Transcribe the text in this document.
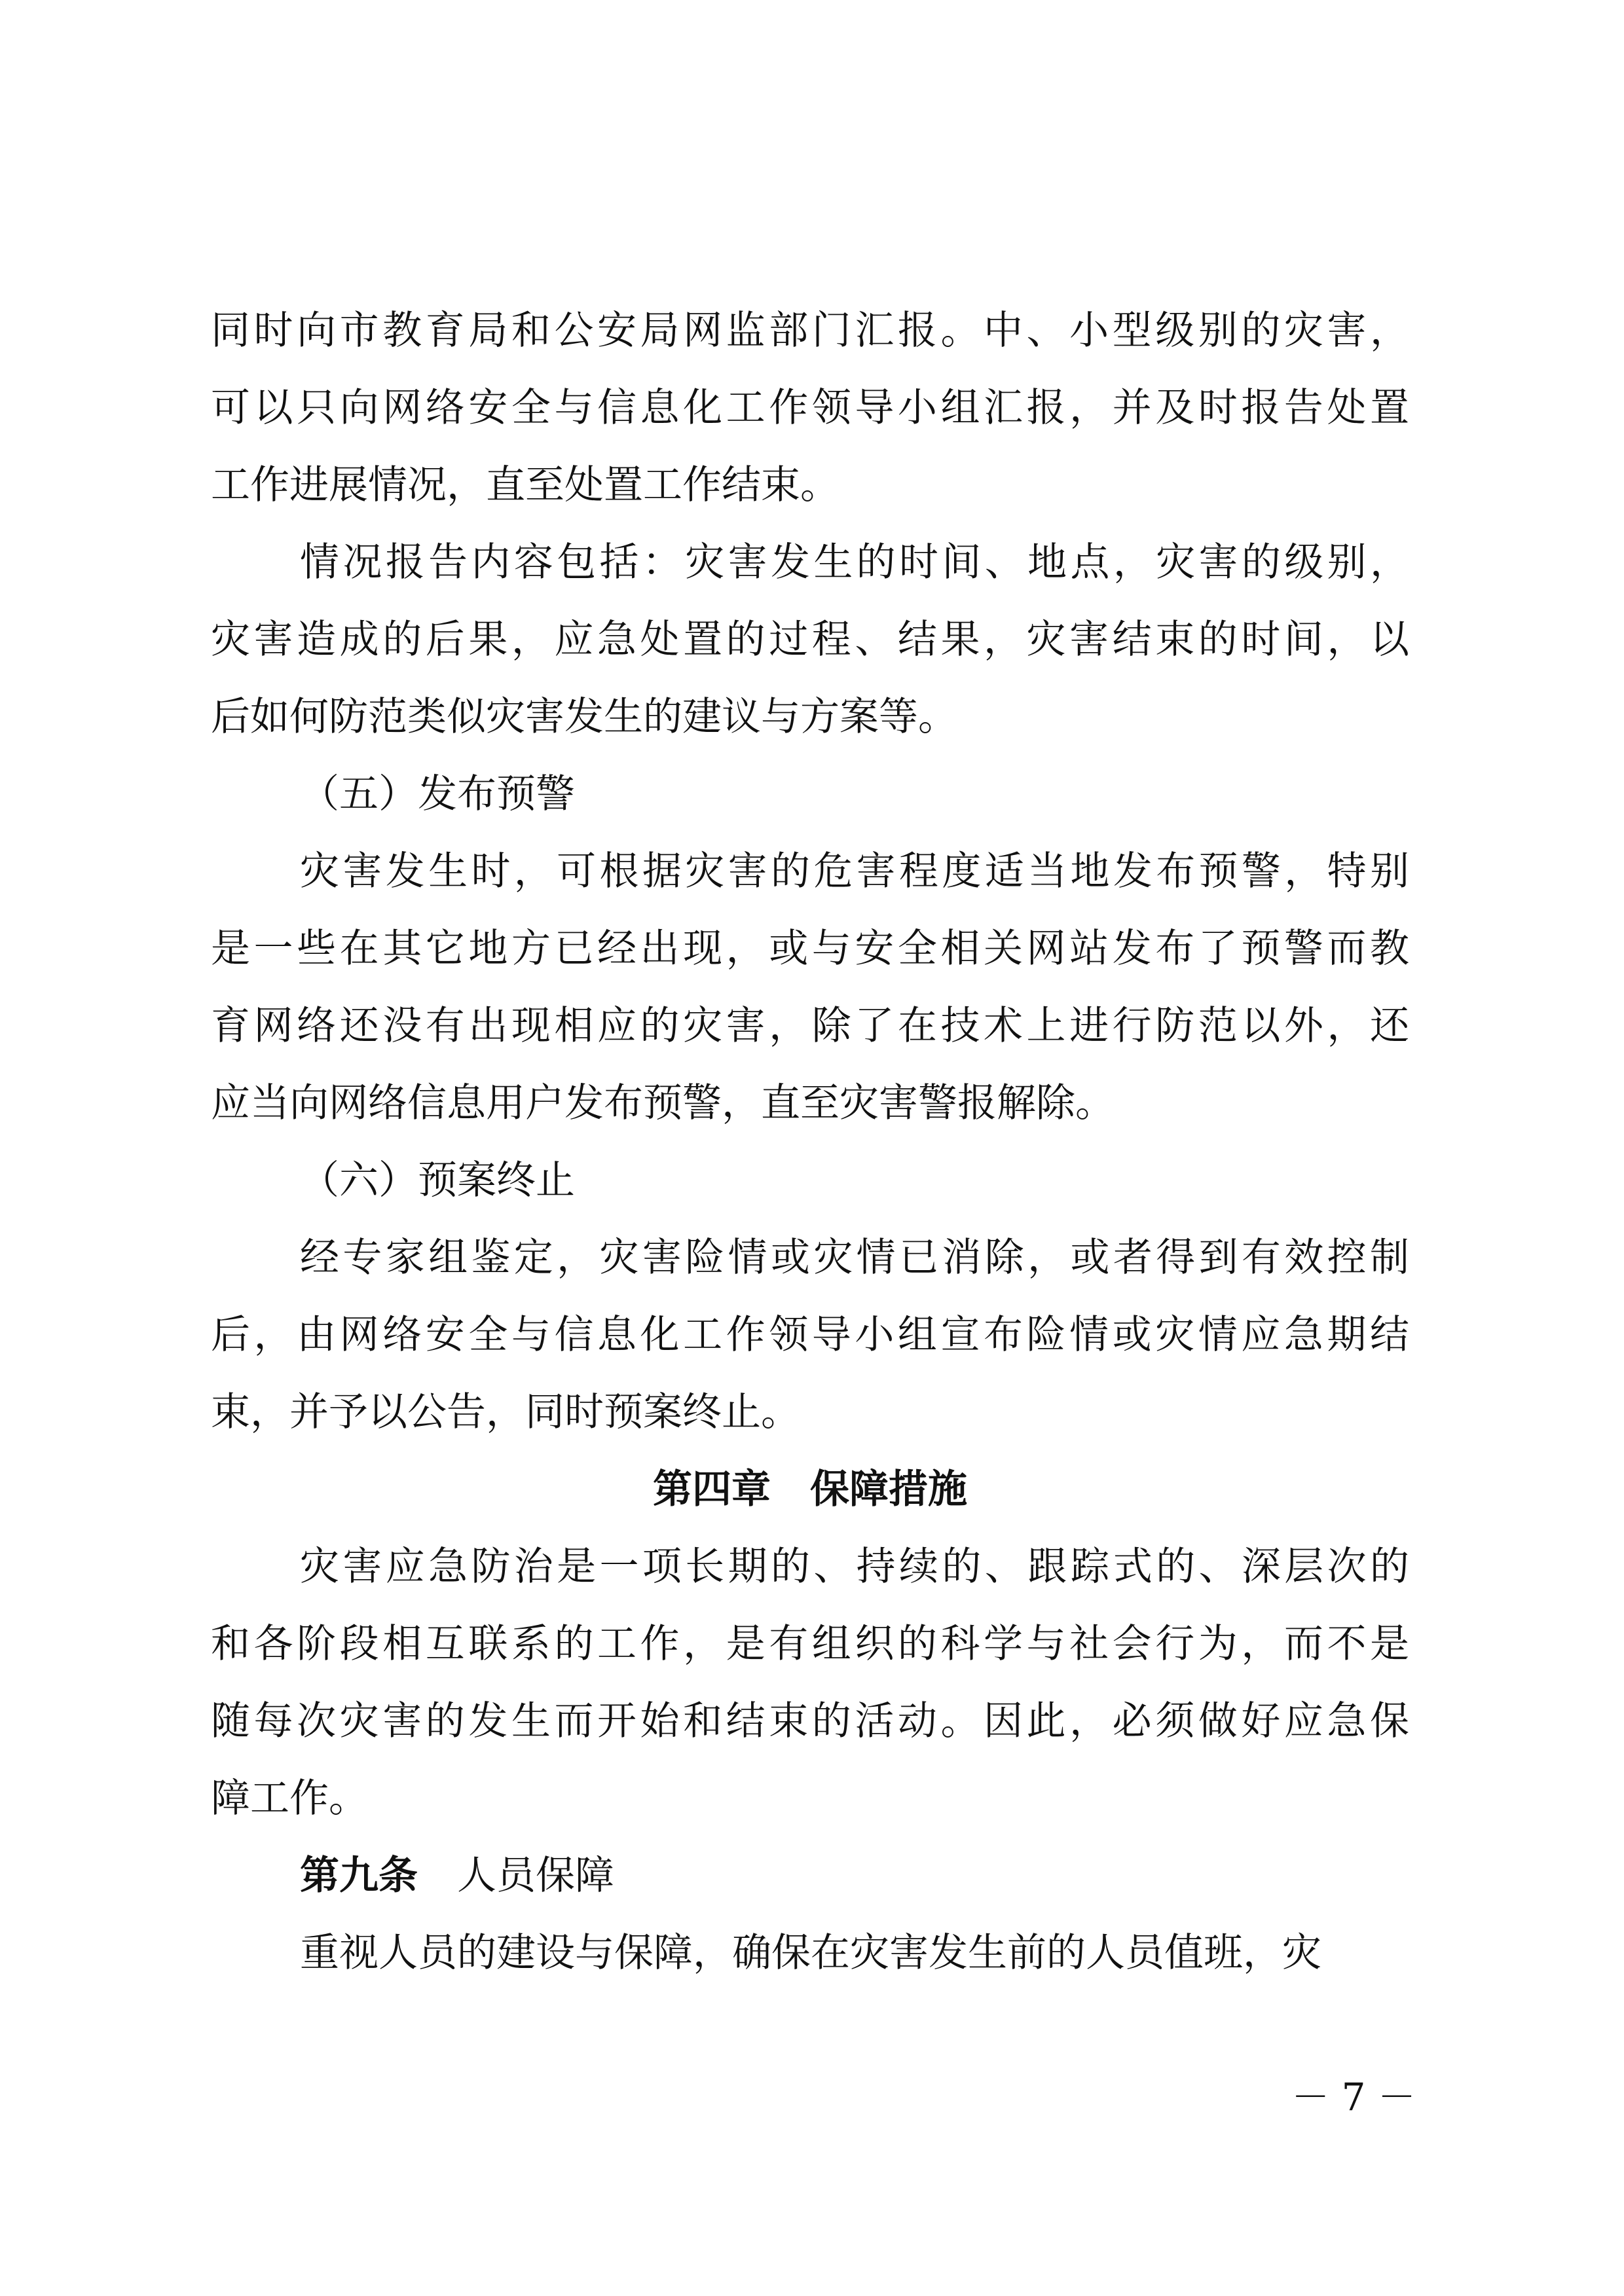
同时向市教育局和公安局网监部门汇报。中、小型级别的灾害，
可以只向网络安全与信息化工作领导小组汇报，并及时报告处置
工作进展情况，直至处置工作结束。
情况报告内容包括：灾害发生的时间、地点，灾害的级别，
灾害造成的后果，应急处置的过程、结果，灾害结束的时间，以
后如何防范类似灾害发生的建议与方案等。
（五）发布预警
灾害发生时，可根据灾害的危害程度适当地发布预警，特别
是一些在其它地方已经出现，或与安全相关网站发布了预警而教
育网络还没有出现相应的灾害，除了在技术上进行防范以外，还
应当向网络信息用户发布预警，直至灾害警报解除。
（六）预案终止
经专家组鉴定，灾害险情或灾情已消除，或者得到有效控制
后，由网络安全与信息化工作领导小组宣布险情或灾情应急期结
束，并予以公告，同时预案终止。
第四章　保障措施
灾害应急防治是一项长期的、持续的、跟踪式的、深层次的
和各阶段相互联系的工作，是有组织的科学与社会行为，而不是
随每次灾害的发生而开始和结束的活动。因此，必须做好应急保
障工作。
第九条 人员保障
重视人员的建设与保障，确保在灾害发生前的人员值班，灾
－ 7 －
